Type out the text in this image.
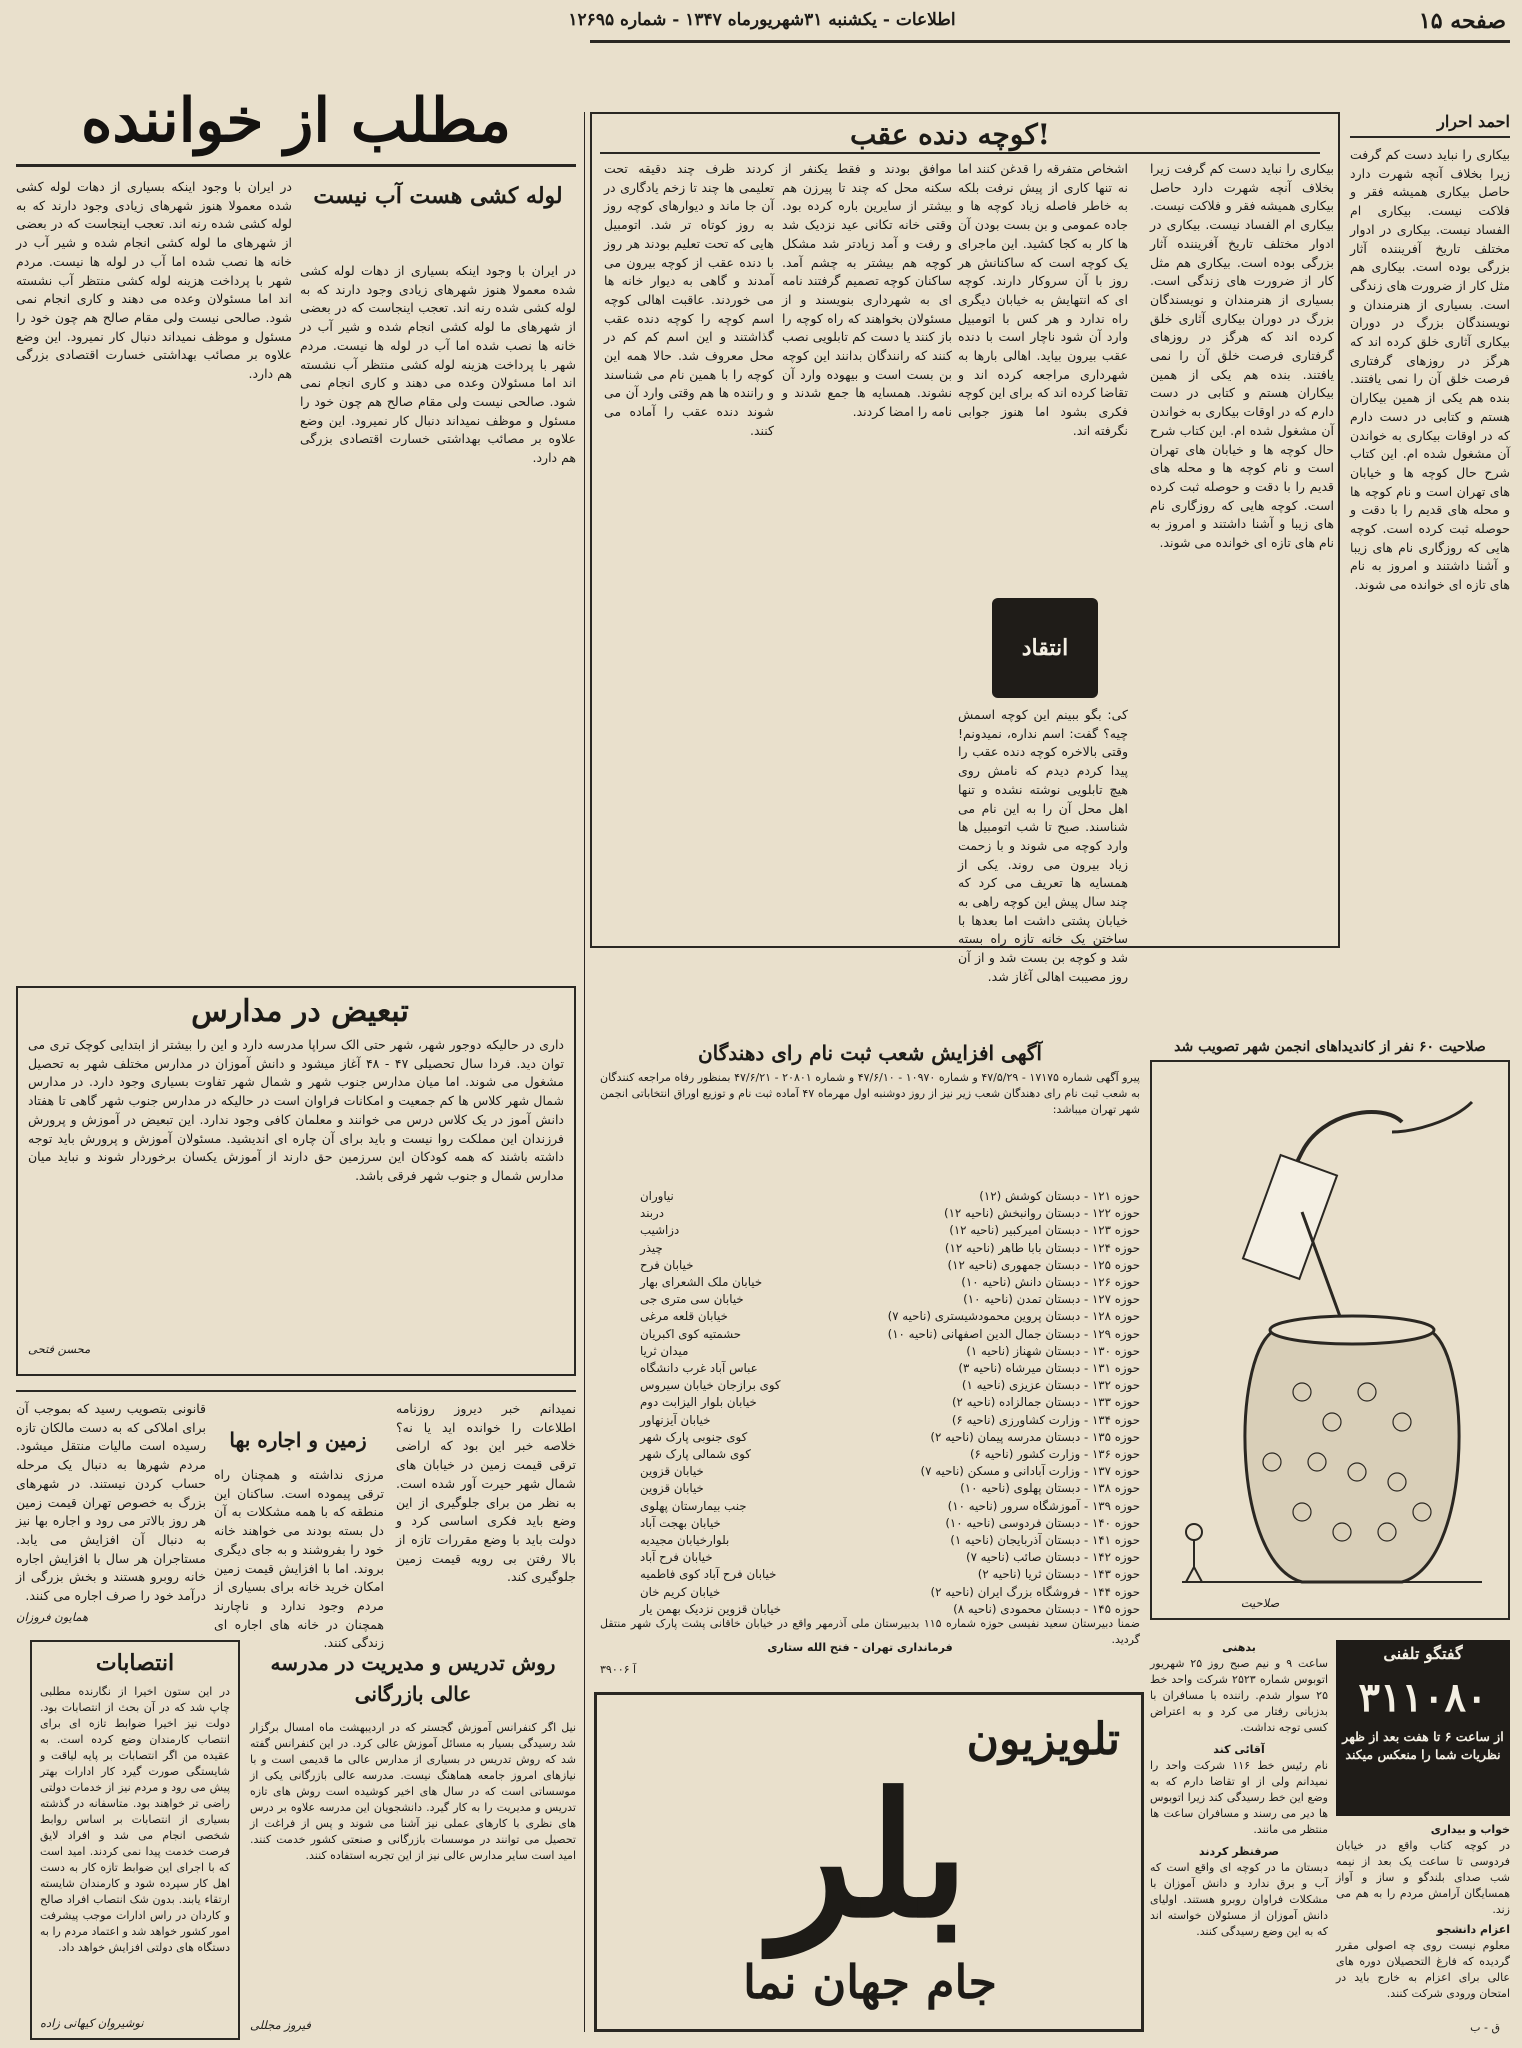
صفحه ۱۵
اطلاعات - یکشنبه ۳۱شهریورماه ۱۳۴۷ - شماره ۱۲۶۹۵
مطلب از خواننده
لوله کشی هست آب نیست
در ایران با وجود اینکه بسیاری از دهات لوله کشی شده معمولا هنوز شهرهای زیادی وجود دارند که به لوله کشی شده رنه اند. تعجب اینجاست که در بعضی از شهرهای ما لوله کشی انجام شده و شیر آب در خانه ها نصب شده اما آب در لوله ها نیست. مردم شهر با پرداخت هزینه لوله کشی منتظر آب نشسته اند اما مسئولان وعده می دهند و کاری انجام نمی شود. صالحی نیست ولی مقام صالح هم چون خود را مسئول و موظف نمیداند دنبال کار نمیرود. این وضع علاوه بر مصائب بهداشتی خسارت اقتصادی بزرگی هم دارد.
در ایران با وجود اینکه بسیاری از دهات لوله کشی شده معمولا هنوز شهرهای زیادی وجود دارند که به لوله کشی شده رنه اند. تعجب اینجاست که در بعضی از شهرهای ما لوله کشی انجام شده و شیر آب در خانه ها نصب شده اما آب در لوله ها نیست. مردم شهر با پرداخت هزینه لوله کشی منتظر آب نشسته اند اما مسئولان وعده می دهند و کاری انجام نمی شود. صالحی نیست ولی مقام صالح هم چون خود را مسئول و موظف نمیداند دنبال کار نمیرود. این وضع علاوه بر مصائب بهداشتی خسارت اقتصادی بزرگی هم دارد.
کوچه دنده عقب!
اشخاص متفرقه را قدغن کنند اما نه تنها کاری از پیش نرفت بلکه به خاطر فاصله زیاد کوچه ها و جاده عمومی و بن بست بودن آن ها کار به کجا کشید. این ماجرای یک کوچه است که ساکنانش هر روز با آن سروکار دارند. کوچه ای که انتهایش به خیابان دیگری راه ندارد و هر کس با اتومبیل وارد آن شود ناچار است با دنده عقب بیرون بیاید. اهالی بارها به شهرداری مراجعه کرده اند و تقاضا کرده اند که برای این کوچه فکری بشود اما هنوز جوابی نگرفته اند.
موافق بودند و فقط یکنفر از سکنه محل که چند تا پیرزن هم بیشتر از سایرین باره کرده بود. وقتی خانه تکانی عید نزدیک شد و رفت و آمد زیادتر شد مشکل کوچه هم بیشتر به چشم آمد. ساکنان کوچه تصمیم گرفتند نامه ای به شهرداری بنویسند و از مسئولان بخواهند که راه کوچه را باز کنند یا دست کم تابلویی نصب کنند که رانندگان بدانند این کوچه بن بست است و بیهوده وارد آن نشوند. همسایه ها جمع شدند و نامه را امضا کردند.
کردند ظرف چند دقیقه تحت تعلیمی ها چند تا زخم یادگاری در آن جا ماند و دیوارهای کوچه روز به روز کوتاه تر شد. اتومبیل هایی که تحت تعلیم بودند هر روز با دنده عقب از کوچه بیرون می آمدند و گاهی به دیوار خانه ها می خوردند. عاقبت اهالی کوچه اسم کوچه را کوچه دنده عقب گذاشتند و این اسم کم کم در محل معروف شد. حالا همه این کوچه را با همین نام می شناسند و راننده ها هم وقتی وارد آن می شوند دنده عقب را آماده می کنند.
انتقاد
کی: بگو ببینم این کوچه اسمش چیه؟ گفت: اسم نداره، نمیدونم! وقتی بالاخره کوچه دنده عقب را پیدا کردم دیدم که نامش روی هیچ تابلویی نوشته نشده و تنها اهل محل آن را به این نام می شناسند. صبح تا شب اتومبیل ها وارد کوچه می شوند و با زحمت زیاد بیرون می روند. یکی از همسایه ها تعریف می کرد که چند سال پیش این کوچه راهی به خیابان پشتی داشت اما بعدها با ساختن یک خانه تازه راه بسته شد و کوچه بن بست شد و از آن روز مصیبت اهالی آغاز شد.
احمد احرار
بیکاری را نباید دست کم گرفت زیرا بخلاف آنچه شهرت دارد حاصل بیکاری همیشه فقر و فلاکت نیست. بیکاری ام الفساد نیست. بیکاری در ادوار مختلف تاریخ آفریننده آثار بزرگی بوده است. بیکاری هم مثل کار از ضرورت های زندگی است. بسیاری از هنرمندان و نویسندگان بزرگ در دوران بیکاری آثاری خلق کرده اند که هرگز در روزهای گرفتاری فرصت خلق آن را نمی یافتند. بنده هم یکی از همین بیکاران هستم و کتابی در دست دارم که در اوقات بیکاری به خواندن آن مشغول شده ام. این کتاب شرح حال کوچه ها و خیابان های تهران است و نام کوچه ها و محله های قدیم را با دقت و حوصله ثبت کرده است. کوچه هایی که روزگاری نام های زیبا و آشنا داشتند و امروز به نام های تازه ای خوانده می شوند.
بیکاری را نباید دست کم گرفت زیرا بخلاف آنچه شهرت دارد حاصل بیکاری همیشه فقر و فلاکت نیست. بیکاری ام الفساد نیست. بیکاری در ادوار مختلف تاریخ آفریننده آثار بزرگی بوده است. بیکاری هم مثل کار از ضرورت های زندگی است. بسیاری از هنرمندان و نویسندگان بزرگ در دوران بیکاری آثاری خلق کرده اند که هرگز در روزهای گرفتاری فرصت خلق آن را نمی یافتند. بنده هم یکی از همین بیکاران هستم و کتابی در دست دارم که در اوقات بیکاری به خواندن آن مشغول شده ام. این کتاب شرح حال کوچه ها و خیابان های تهران است و نام کوچه ها و محله های قدیم را با دقت و حوصله ثبت کرده است. کوچه هایی که روزگاری نام های زیبا و آشنا داشتند و امروز به نام های تازه ای خوانده می شوند.
تبعیض در مدارس
داری در حالیکه دوجور شهر، شهر حتی الک سراپا مدرسه دارد و این را بیشتر از ابتدایی کوچک تری می توان دید. فردا سال تحصیلی ۴۷ - ۴۸ آغاز میشود و دانش آموزان در مدارس مختلف شهر به تحصیل مشغول می شوند. اما میان مدارس جنوب شهر و شمال شهر تفاوت بسیاری وجود دارد. در مدارس شمال شهر کلاس ها کم جمعیت و امکانات فراوان است در حالیکه در مدارس جنوب شهر گاهی تا هفتاد دانش آموز در یک کلاس درس می خوانند و معلمان کافی وجود ندارد. این تبعیض در آموزش و پرورش فرزندان این مملکت روا نیست و باید برای آن چاره ای اندیشید. مسئولان آموزش و پرورش باید توجه داشته باشند که همه کودکان این سرزمین حق دارند از آموزش یکسان برخوردار شوند و نباید میان مدارس شمال و جنوب شهر فرقی باشد.
محسن فتحی
زمین و اجاره بها
نمیدانم خبر دیروز روزنامه اطلاعات را خوانده اید یا نه؟ خلاصه خبر این بود که اراضی ترقی قیمت زمین در خیابان های شمال شهر حیرت آور شده است. به نظر من برای جلوگیری از این وضع باید فکری اساسی کرد و دولت باید با وضع مقررات تازه از بالا رفتن بی رویه قیمت زمین جلوگیری کند.
مرزی نداشته و همچنان راه ترقی پیموده است. ساکنان این منطقه که با همه مشکلات به آن دل بسته بودند می خواهند خانه خود را بفروشند و به جای دیگری بروند. اما با افزایش قیمت زمین امکان خرید خانه برای بسیاری از مردم وجود ندارد و ناچارند همچنان در خانه های اجاره ای زندگی کنند.
قانونی بتصویب رسید که بموجب آن برای املاکی که به دست مالکان تازه رسیده است مالیات منتقل میشود. مردم شهرها به دنبال یک مرحله حساب کردن نیستند. در شهرهای بزرگ به خصوص تهران قیمت زمین هر روز بالاتر می رود و اجاره بها نیز به دنبال آن افزایش می یابد. مستاجران هر سال با افزایش اجاره خانه روبرو هستند و بخش بزرگی از درآمد خود را صرف اجاره می کنند.
همایون فروزان
انتصابات
در این ستون اخیرا از نگارنده مطلبی چاپ شد که در آن بحث از انتصابات بود. دولت نیز اخیرا ضوابط تازه ای برای انتصاب کارمندان وضع کرده است. به عقیده من اگر انتصابات بر پایه لیاقت و شایستگی صورت گیرد کار ادارات بهتر پیش می رود و مردم نیز از خدمات دولتی راضی تر خواهند بود. متاسفانه در گذشته بسیاری از انتصابات بر اساس روابط شخصی انجام می شد و افراد لایق فرصت خدمت پیدا نمی کردند. امید است که با اجرای این ضوابط تازه کار به دست اهل کار سپرده شود و کارمندان شایسته ارتقاء یابند. بدون شک انتصاب افراد صالح و کاردان در راس ادارات موجب پیشرفت امور کشور خواهد شد و اعتماد مردم را به دستگاه های دولتی افزایش خواهد داد.
نوشیروان کیهانی زاده
روش تدریس و مدیریت در مدرسه عالی بازرگانی
نیل اگر کنفرانس آموزش گجستر که در اردیبهشت ماه امسال برگزار شد رسیدگی بسیار به مسائل آموزش عالی کرد. در این کنفرانس گفته شد که روش تدریس در بسیاری از مدارس عالی ما قدیمی است و با نیازهای امروز جامعه هماهنگ نیست. مدرسه عالی بازرگانی یکی از موسساتی است که در سال های اخیر کوشیده است روش های تازه تدریس و مدیریت را به کار گیرد. دانشجویان این مدرسه علاوه بر درس های نظری با کارهای عملی نیز آشنا می شوند و پس از فراغت از تحصیل می توانند در موسسات بازرگانی و صنعتی کشور خدمت کنند. امید است سایر مدارس عالی نیز از این تجربه استفاده کنند.
فیروز مجللی
آگهی افزایش شعب ثبت نام رای دهندگان
پیرو آگهی شماره ۱۷۱۷۵ - ۴۷/۵/۲۹ و شماره ۱۰۹۷۰ - ۴۷/۶/۱۰ و شماره ۲۰۸۰۱ - ۴۷/۶/۲۱ بمنظور رفاه مراجعه کنندگان به شعب ثبت نام رای دهندگان شعب زیر نیز از روز دوشنبه اول مهرماه ۴۷ آماده ثبت نام و توزیع اوراق انتخاباتی انجمن شهر تهران میباشد:
حوزه ۱۲۱ - دبستان کوشش (۱۲)
نیاوران
حوزه ۱۲۲ - دبستان روانبخش (ناحیه ۱۲)
دربند
حوزه ۱۲۳ - دبستان امیرکبیر (ناحیه ۱۲)
دزاشیب
حوزه ۱۲۴ - دبستان بابا طاهر (ناحیه ۱۲)
چیذر
حوزه ۱۲۵ - دبستان جمهوری (ناحیه ۱۲)
خیابان فرح
حوزه ۱۲۶ - دبستان دانش (ناحیه ۱۰)
خیابان ملک الشعرای بهار
حوزه ۱۲۷ - دبستان تمدن (ناحیه ۱۰)
خیابان سی متری جی
حوزه ۱۲۸ - دبستان پروین محمودشیستری (ناحیه ۷)
خیابان قلعه مرغی
حوزه ۱۲۹ - دبستان جمال الدین اصفهانی (ناحیه ۱۰)
حشمتیه کوی اکبریان
حوزه ۱۳۰ - دبستان شهناز (ناحیه ۱)
میدان ثریا
حوزه ۱۳۱ - دبستان میرشاه (ناحیه ۳)
عباس آباد غرب دانشگاه
حوزه ۱۳۲ - دبستان عزیزی (ناحیه ۱)
کوی برازجان خیابان سیروس
حوزه ۱۳۳ - دبستان جمالزاده (ناحیه ۲)
خیابان بلوار الیزابت دوم
حوزه ۱۳۴ - وزارت کشاورزی (ناحیه ۶)
خیابان آیزنهاور
حوزه ۱۳۵ - دبستان مدرسه پیمان (ناحیه ۲)
کوی جنوبی پارک شهر
حوزه ۱۳۶ - وزارت کشور (ناحیه ۶)
کوی شمالی پارک شهر
حوزه ۱۳۷ - وزارت آبادانی و مسکن (ناحیه ۷)
خیابان قزوین
حوزه ۱۳۸ - دبستان پهلوی (ناحیه ۱۰)
خیابان قزوین
حوزه ۱۳۹ - آموزشگاه سرور (ناحیه ۱۰)
جنب بیمارستان پهلوی
حوزه ۱۴۰ - دبستان فردوسی (ناحیه ۱۰)
خیابان بهجت آباد
حوزه ۱۴۱ - دبستان آذربایجان (ناحیه ۱)
بلوارخیابان مجیدیه
حوزه ۱۴۲ - دبستان صائب (ناحیه ۷)
خیابان فرح آباد
حوزه ۱۴۳ - دبستان ثریا (ناحیه ۲)
خیابان فرح آباد کوی فاطمیه
حوزه ۱۴۴ - فروشگاه بزرگ ایران (ناحیه ۲)
خیابان کریم خان
حوزه ۱۴۵ - دبستان محمودی (ناحیه ۸)
خیابان قزوین نزدیک بهمن یار
ضمنا دبیرستان سعید نفیسی حوزه شماره ۱۱۵ بدبیرستان ملی آذرمهر واقع در خیابان خاقانی پشت پارک شهر منتقل گردید.
فرمانداری تهران - فتح الله ستاری
آ ۳۹۰۰۶
صلاحیت ۶۰ نفر از کاندیداهای انجمن شهر تصویب شد
صلاحیت
تلویزیون
بلر
جام جهان نما
بدهنی
ساعت ۹ و نیم صبح روز ۲۵ شهریور اتوبوس شماره ۲۵۲۳ شرکت واحد خط ۲۵ سوار شدم. راننده با مسافران با بدزبانی رفتار می کرد و به اعتراض کسی توجه نداشت.
آقائی کند
نام رئیس خط ۱۱۶ شرکت واحد را نمیدانم ولی از او تقاضا دارم که به وضع این خط رسیدگی کند زیرا اتوبوس ها دیر می رسند و مسافران ساعت ها منتظر می مانند.
صرفنظر کردند
دبستان ما در کوچه ای واقع است که آب و برق ندارد و دانش آموزان با مشکلات فراوان روبرو هستند. اولیای دانش آموزان از مسئولان خواسته اند که به این وضع رسیدگی کنند.
گفتگو تلفنی
۳۱۱۰۸۰
از ساعت ۶ تا هفت بعد از ظهر نظریات شما را منعکس میکند
خواب و بیداری
در کوچه کتاب واقع در خیابان فردوسی تا ساعت یک بعد از نیمه شب صدای بلندگو و ساز و آواز همسایگان آرامش مردم را به هم می زند.
اعزام دانشجو
معلوم نیست روی چه اصولی مقرر گردیده که فارغ التحصیلان دوره های عالی برای اعزام به خارج باید در امتحان ورودی شرکت کنند.
ق - ب
